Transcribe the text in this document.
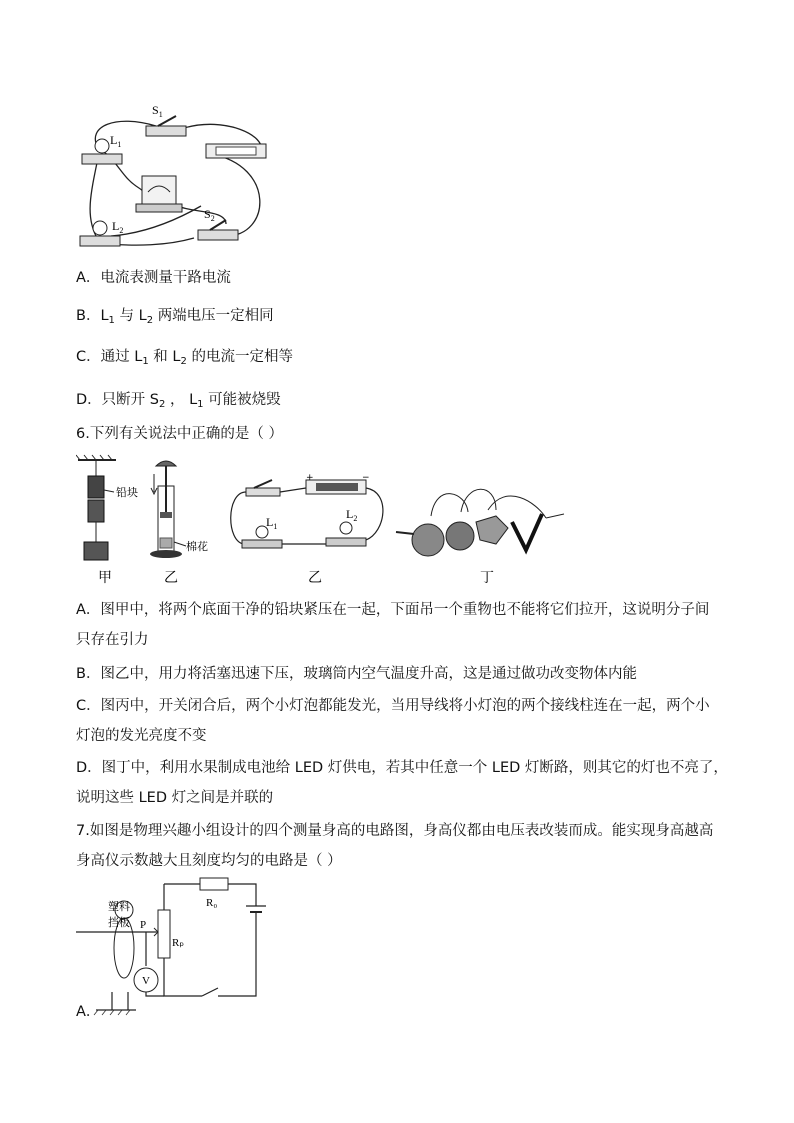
$S_1$
$L_1$
$S_2$
$L_2$
A．电流表测量干路电流
B．$L_1$ 与 $L_2$ 两端电压一定相同
C．通过 $L_1$ 和 $L_2$ 的电流一定相等
D．只断开 $S_2$ ， $L_1$ 可能被烧毁
6.下列有关说法中正确的是（ ）
铅块
甲
棉花
乙
+	−
$L_1$
$L_2$
乙	丁
A．图甲中，将两个底面干净的铅块紧压在一起，下面吊一个重物也不能将它们拉开，这说明分子间
只存在引力
B．图乙中，用力将活塞迅速下压，玻璃筒内空气温度升高，这是通过做功改变物体内能
C．图丙中，开关闭合后，两个小灯泡都能发光，当用导线将小灯泡的两个接线柱连在一起，两个小
灯泡的发光亮度不变
D．图丁中，利用水果制成电池给 LED 灯供电，若其中任意一个 LED 灯断路，则其它的灯也不亮了，
说明这些 LED 灯之间是并联的
7.如图是物理兴趣小组设计的四个测量身高的电路图，身高仪都由电压表改装而成。能实现身高越高
身高仪示数越大且刻度均匀的电路是（ ）
塑料
挡板 P
R₀
Rₚ
V
A．
